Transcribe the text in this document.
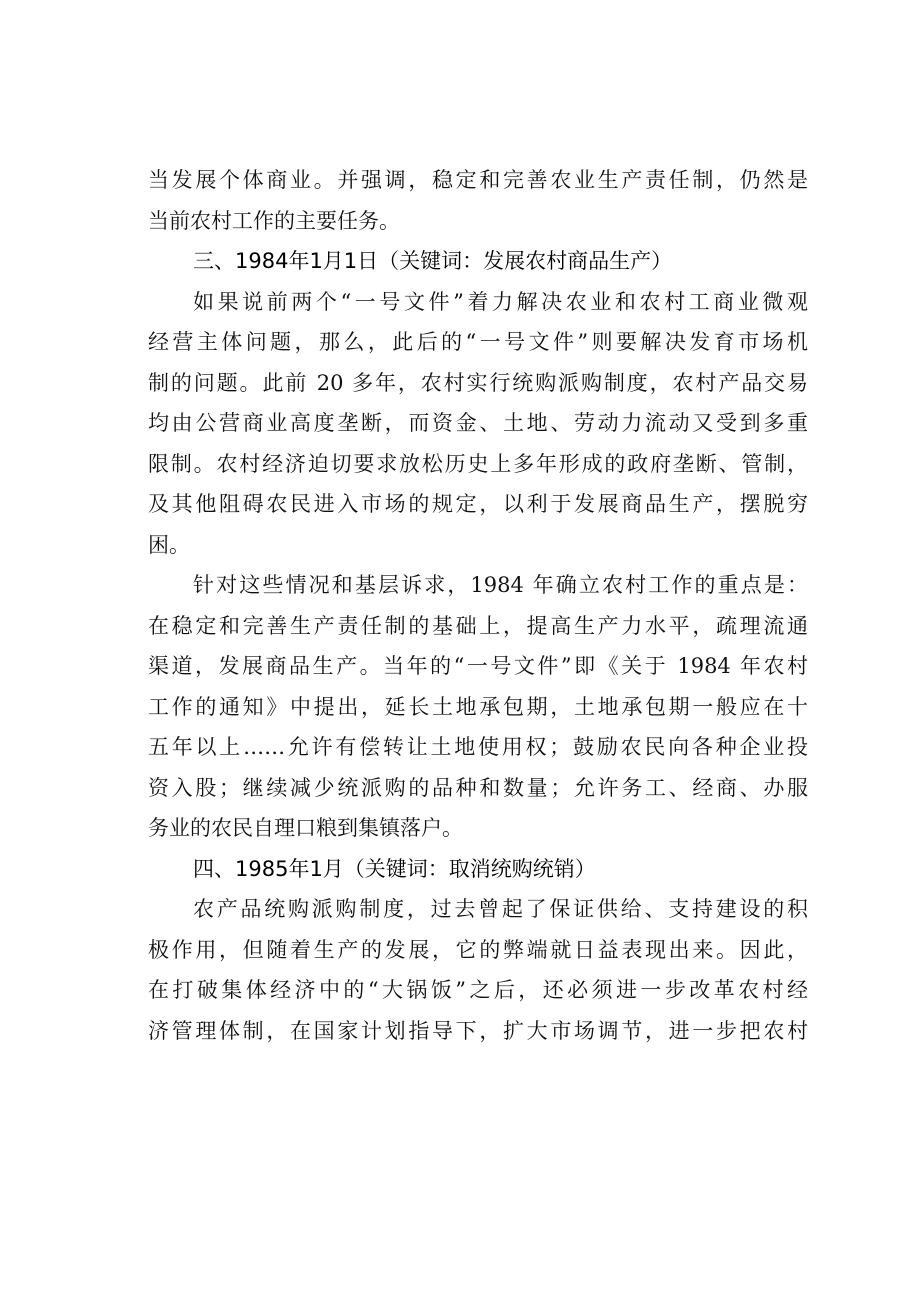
当发展个体商业。并强调，稳定和完善农业生产责任制，仍然是
当前农村工作的主要任务。
三、1984年1月1日（关键词：发展农村商品生产）
如果说前两个“一号文件”着力解决农业和农村工商业微观
经营主体问题，那么，此后的“一号文件”则要解决发育市场机
制的问题。此前 20 多年，农村实行统购派购制度，农村产品交易
均由公营商业高度垄断，而资金、土地、劳动力流动又受到多重
限制。农村经济迫切要求放松历史上多年形成的政府垄断、管制，
及其他阻碍农民进入市场的规定，以利于发展商品生产，摆脱穷
困。
针对这些情况和基层诉求，1984 年确立农村工作的重点是：
在稳定和完善生产责任制的基础上，提高生产力水平，疏理流通
渠道，发展商品生产。当年的“一号文件”即《关于 1984 年农村
工作的通知》中提出，延长土地承包期，土地承包期一般应在十
五年以上……允许有偿转让土地使用权；鼓励农民向各种企业投
资入股；继续减少统派购的品种和数量；允许务工、经商、办服
务业的农民自理口粮到集镇落户。
四、1985年1月（关键词：取消统购统销）
农产品统购派购制度，过去曾起了保证供给、支持建设的积
极作用，但随着生产的发展，它的弊端就日益表现出来。因此，
在打破集体经济中的“大锅饭”之后，还必须进一步改革农村经
济管理体制，在国家计划指导下，扩大市场调节，进一步把农村
